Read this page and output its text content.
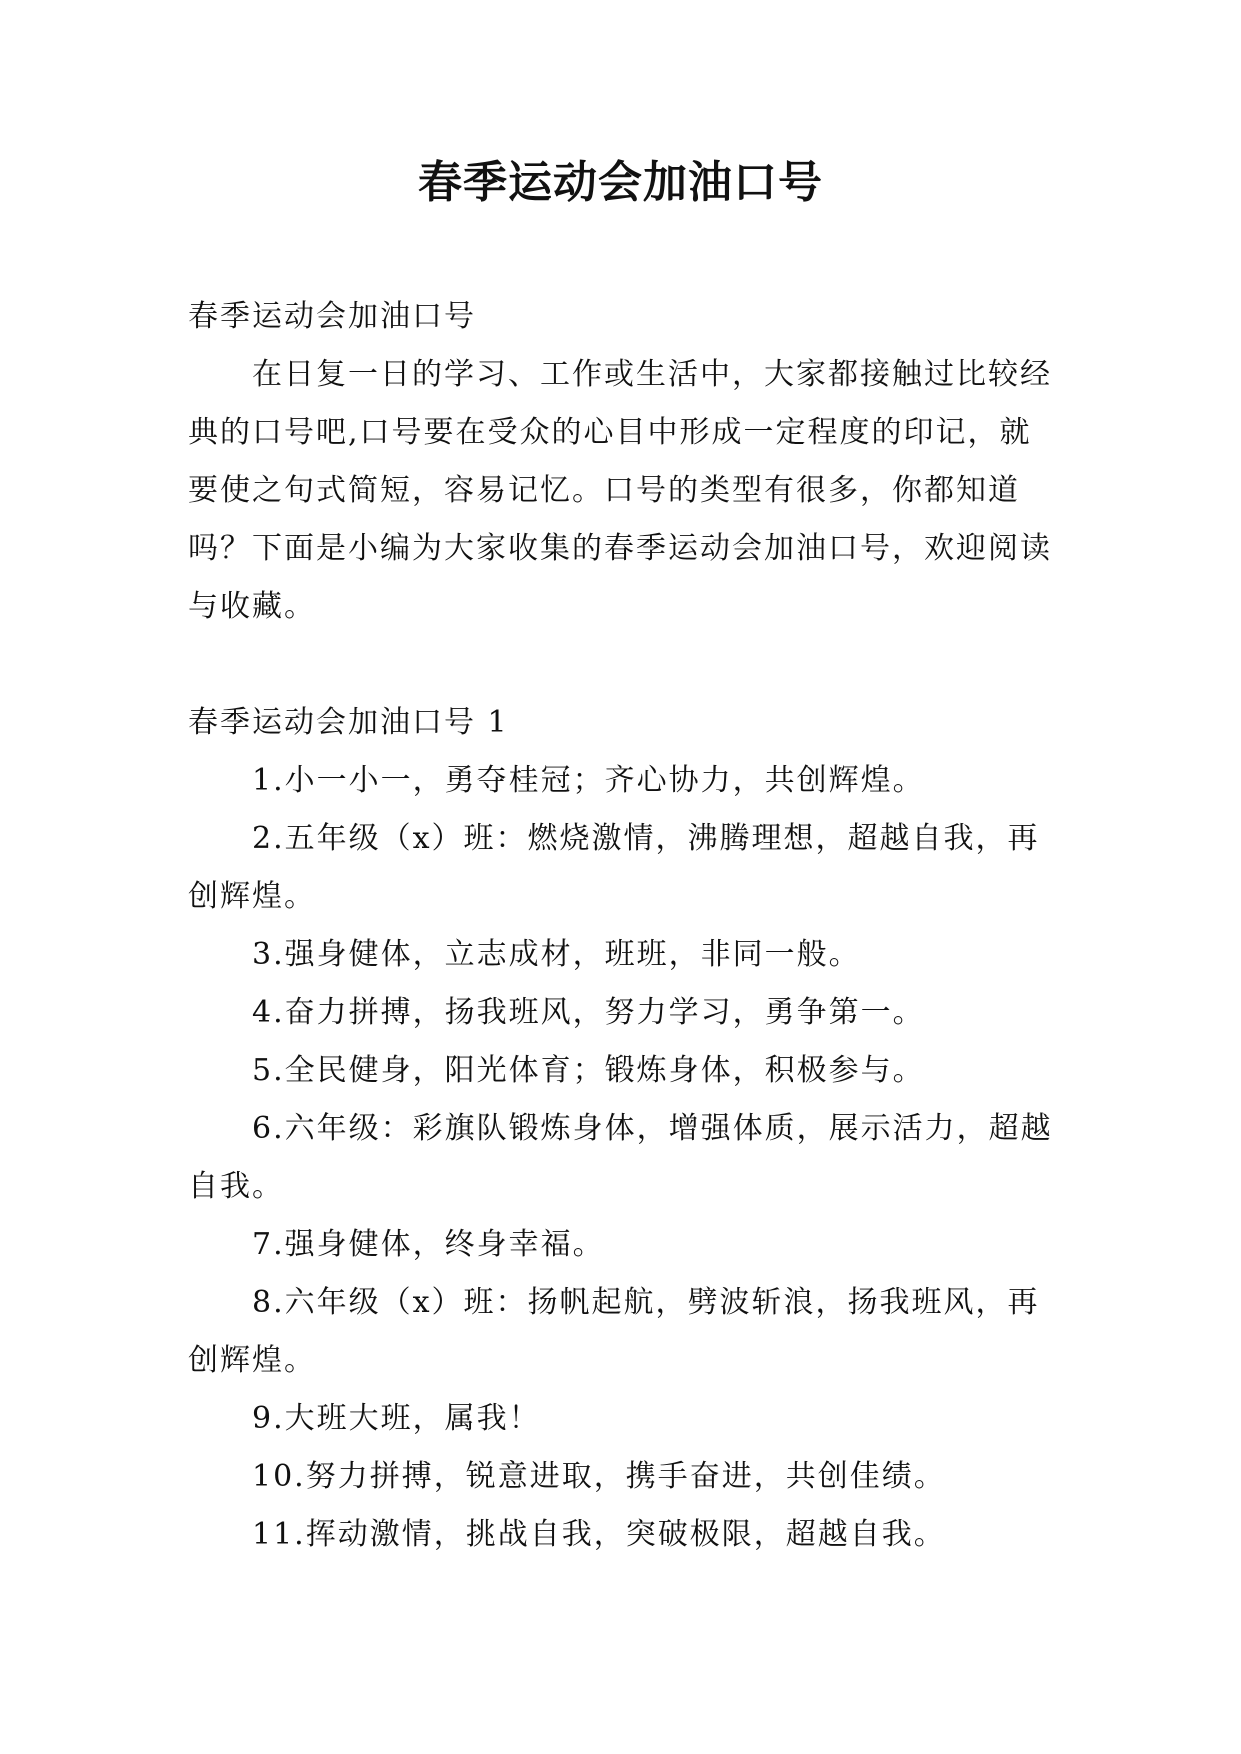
春季运动会加油口号

春季运动会加油口号

在日复一日的学习、工作或生活中，大家都接触过比较经典的口号吧,口号要在受众的心目中形成一定程度的印记，就要使之句式简短，容易记忆。口号的类型有很多，你都知道吗？下面是小编为大家收集的春季运动会加油口号，欢迎阅读与收藏。

春季运动会加油口号 1

1.小一小一，勇夺桂冠；齐心协力，共创辉煌。

2.五年级（x）班：燃烧激情，沸腾理想，超越自我，再创辉煌。

3.强身健体，立志成材，班班，非同一般。

4.奋力拼搏，扬我班风，努力学习，勇争第一。

5.全民健身，阳光体育；锻炼身体，积极参与。

6.六年级：彩旗队锻炼身体，增强体质，展示活力，超越自我。

7.强身健体，终身幸福。

8.六年级（x）班：扬帆起航，劈波斩浪，扬我班风，再创辉煌。

9.大班大班，属我！

10.努力拼搏，锐意进取，携手奋进，共创佳绩。

11.挥动激情，挑战自我，突破极限，超越自我。
